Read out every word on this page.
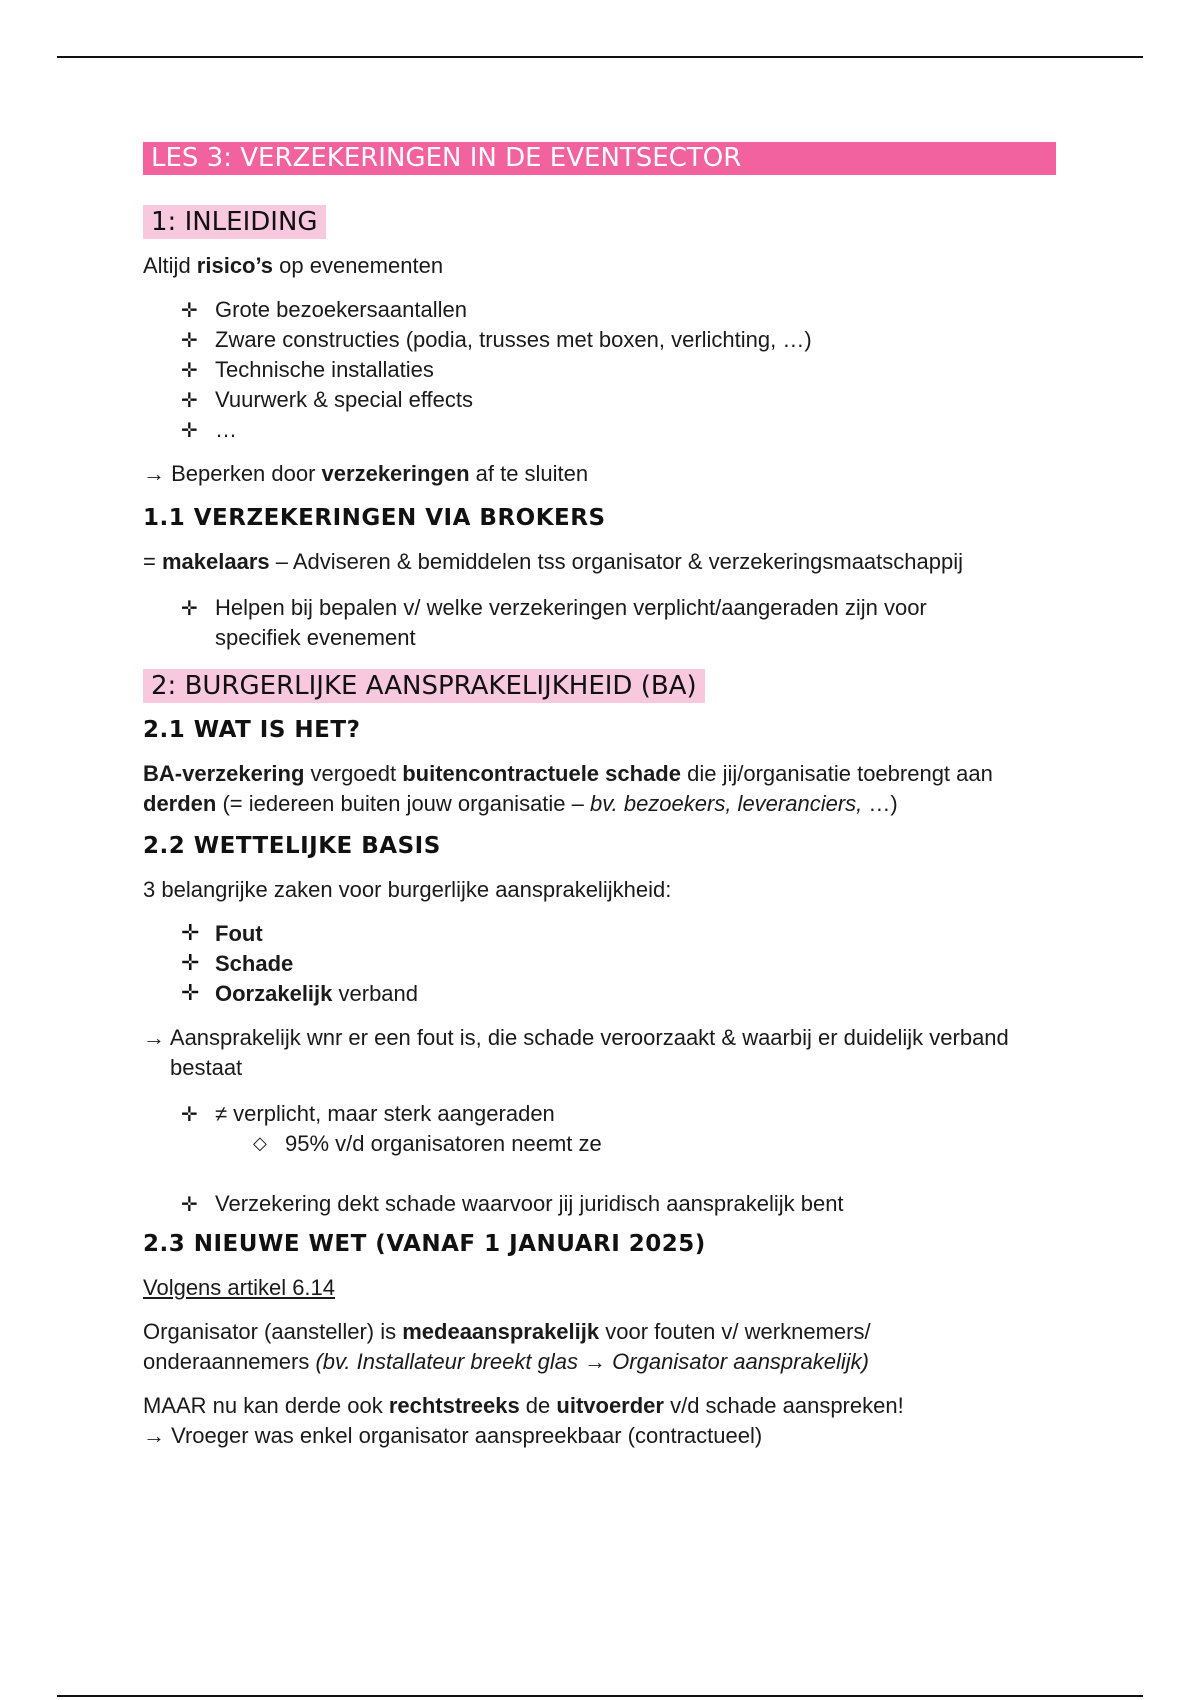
LES 3: VERZEKERINGEN IN DE EVENTSECTOR
1: INLEIDING
Altijd risico’s op evenementen
✛ Grote bezoekersaantallen
✛ Zware constructies (podia, trusses met boxen, verlichting, …)
✛ Technische installaties
✛ Vuurwerk & special effects
✛ …
→ Beperken door verzekeringen af te sluiten
1.1 VERZEKERINGEN VIA BROKERS
= makelaars – Adviseren & bemiddelen tss organisator & verzekeringsmaatschappij
✛ Helpen bij bepalen v/ welke verzekeringen verplicht/aangeraden zijn voor specifiek evenement
2: BURGERLIJKE AANSPRAKELIJKHEID (BA)
2.1 WAT IS HET?
BA-verzekering vergoedt buitencontractuele schade die jij/organisatie toebrengt aan derden (= iedereen buiten jouw organisatie – bv. bezoekers, leveranciers, …)
2.2 WETTELIJKE BASIS
3 belangrijke zaken voor burgerlijke aansprakelijkheid:
✛ Fout
✛ Schade
✛ Oorzakelijk verband
→ Aansprakelijk wnr er een fout is, die schade veroorzaakt & waarbij er duidelijk verband bestaat
✛ ≠ verplicht, maar sterk aangeraden
◇ 95% v/d organisatoren neemt ze
✛ Verzekering dekt schade waarvoor jij juridisch aansprakelijk bent
2.3 NIEUWE WET (VANAF 1 JANUARI 2025)
Volgens artikel 6.14
Organisator (aansteller) is medeaansprakelijk voor fouten v/ werknemers/ onderaannemers (bv. Installateur breekt glas → Organisator aansprakelijk)
MAAR nu kan derde ook rechtstreeks de uitvoerder v/d schade aanspreken!
→ Vroeger was enkel organisator aanspreekbaar (contractueel)
